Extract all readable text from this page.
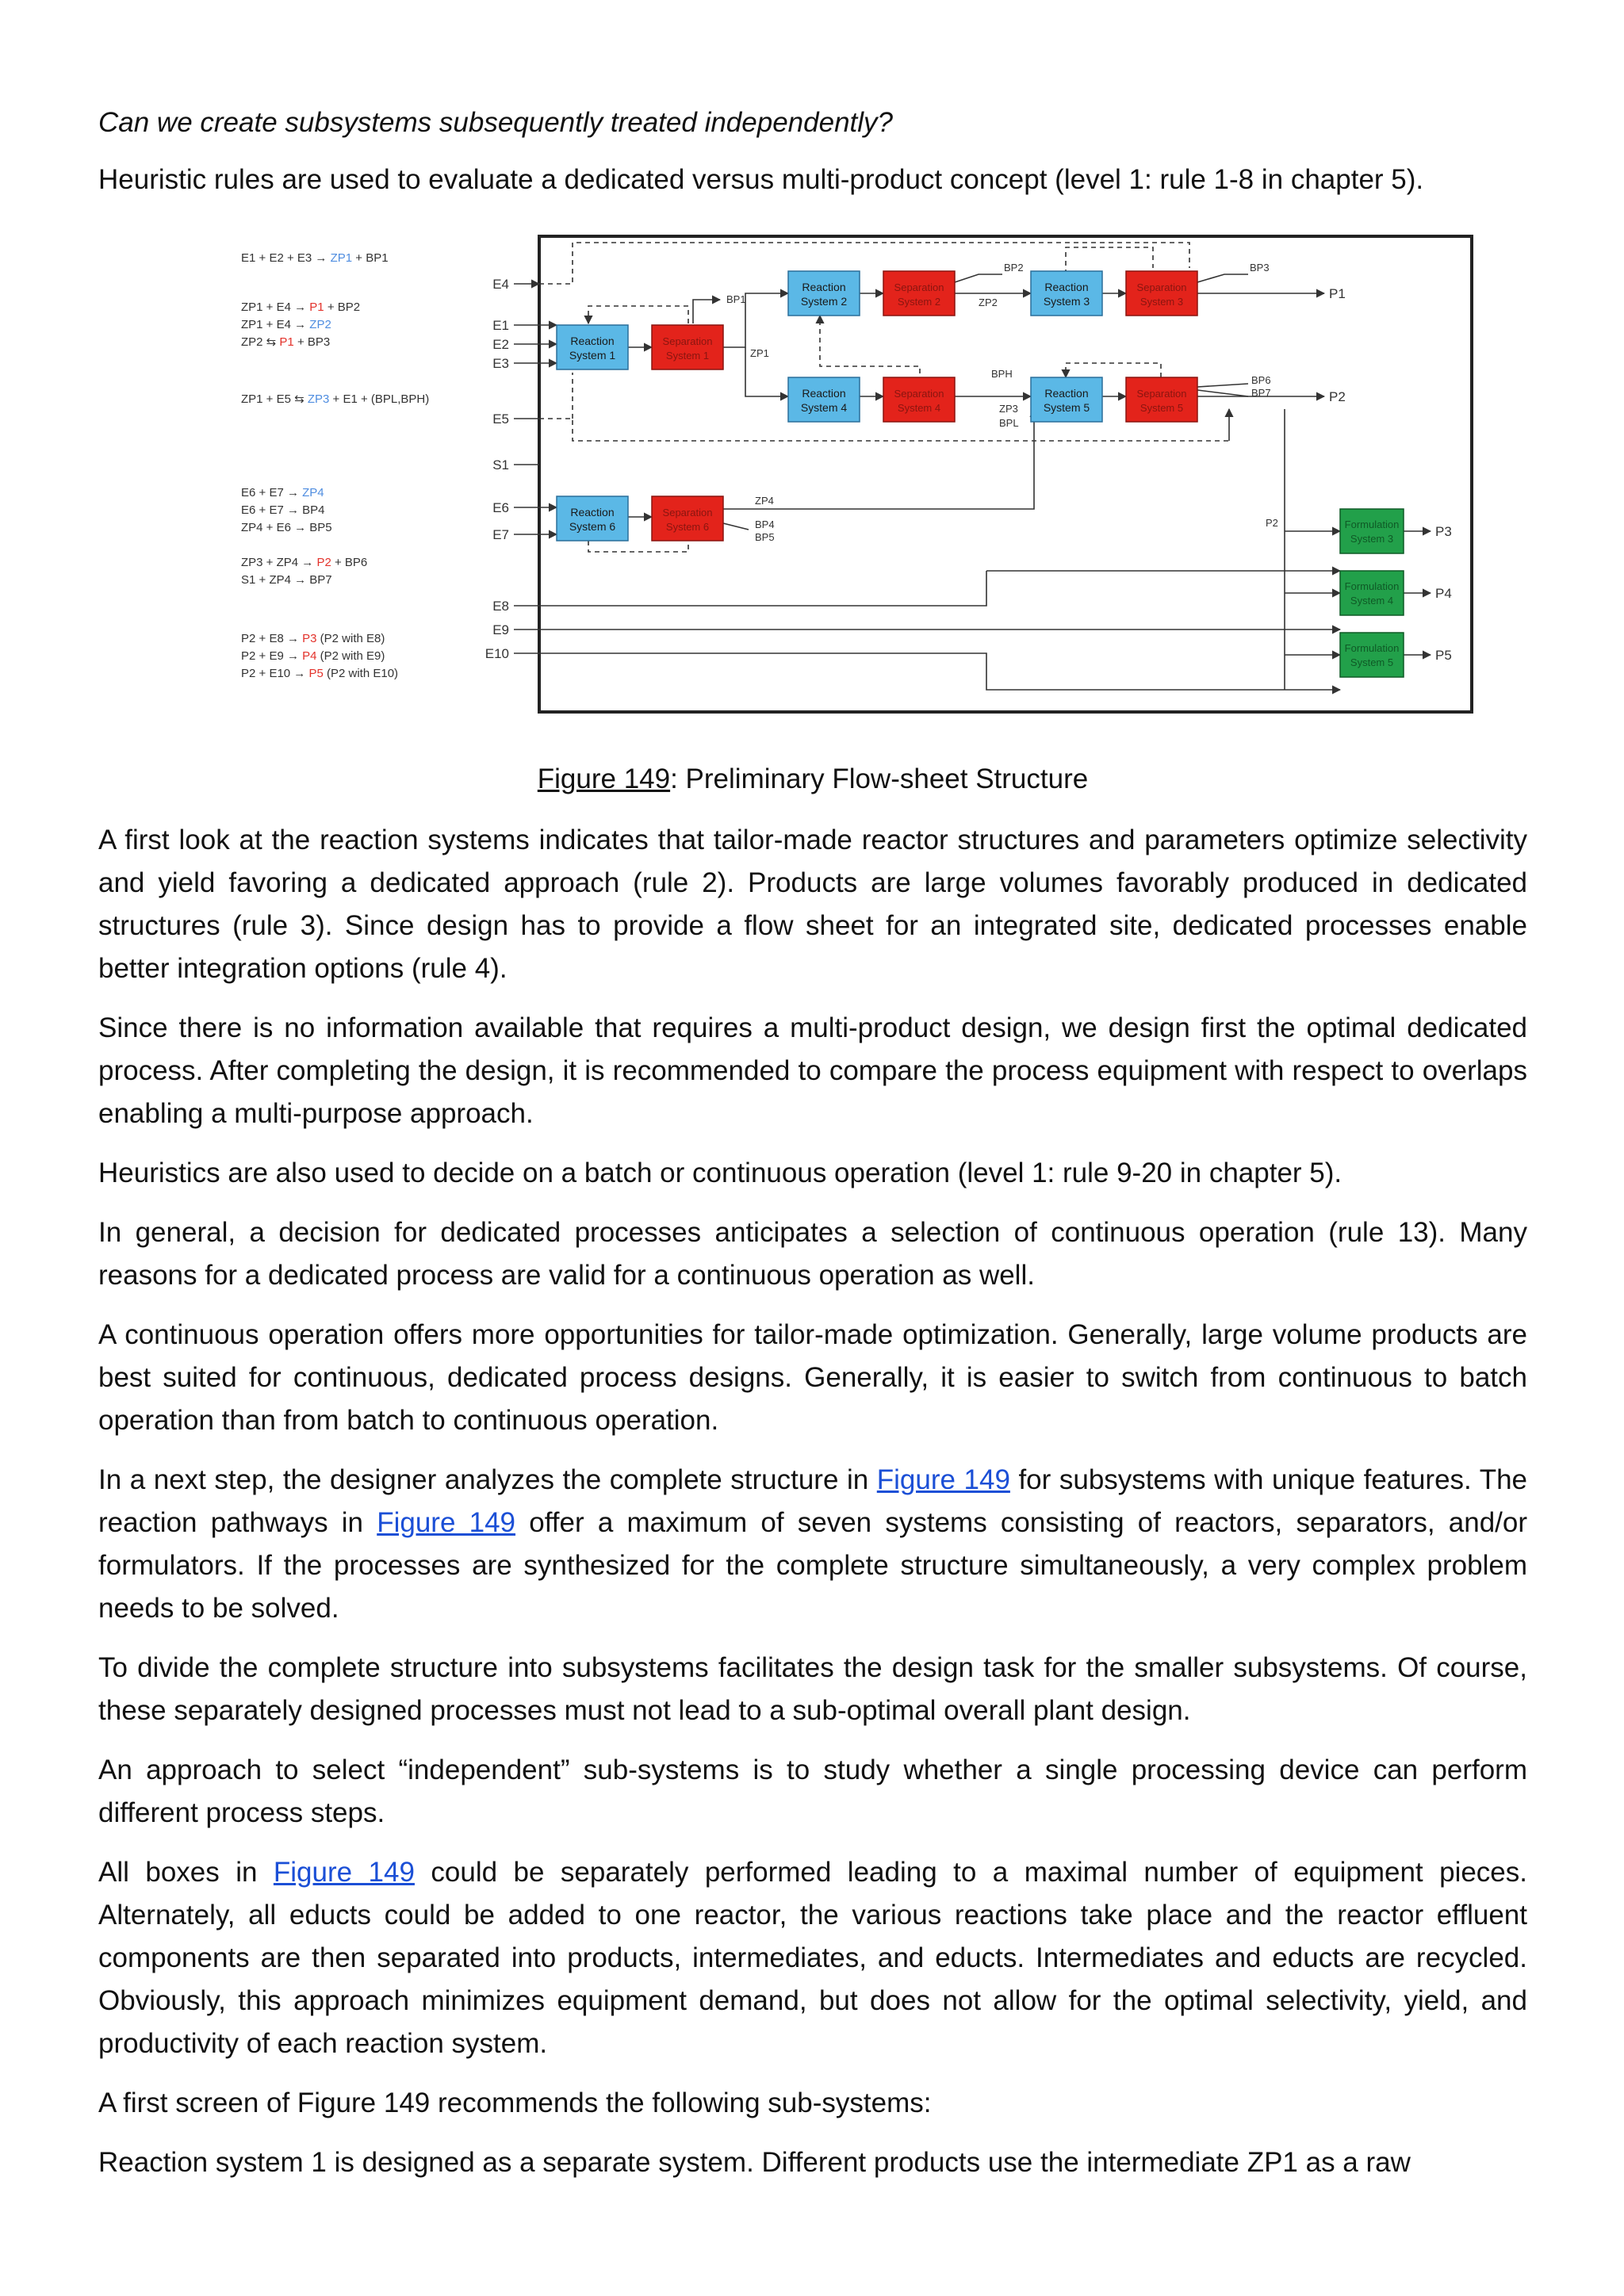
Can we create subsystems subsequently treated independently?
Heuristic rules are used to evaluate a dedicated versus multi-product concept (level 1: rule 1-8 in chapter 5).
E1 + E2 + E3 → ZP1 + BP1
ZP1 + E4 → P1 + BP2
ZP1 + E4 → ZP2
ZP2 ⇆ P1 + BP3
ZP1 + E5 ⇆ ZP3 + E1 + (BPL,BPH)
E6 + E7 → ZP4
E6 + E7 → BP4
ZP4 + E6 → BP5
ZP3 + ZP4 → P2 + BP6
S1 + ZP4 → BP7
P2 + E8 → P3 (P2 with E8)
P2 + E9 → P4 (P2 with E9)
P2 + E10 → P5 (P2 with E10)
E4
E1
E2
E3
E5
S1
E6
E7
E8
E9
E10
Reaction
System 1
Reaction
System 2
Reaction
System 3
Reaction
System 4
Reaction
System 5
Reaction
System 6
Separation
System 1
Separation
System 2
Separation
System 3
Separation
System 4
Separation
System 5
Separation
System 6	Formulation
System 3
Formulation
System 4
Formulation
System 5
BP1
ZP1
BP2
ZP2
BP3
BPH
ZP3
BPL
BP6
BP7
ZP4
BP4
BP5
P2
P1
P2
P3
P4
P5
Figure 149: Preliminary Flow-sheet Structure

A first look at the reaction systems indicates that tailor-made reactor structures and parameters optimize selectivity and yield favoring a dedicated approach (rule 2). Products are large volumes favorably produced in dedicated structures (rule 3). Since design has to provide a flow sheet for an integrated site, dedicated processes enable better integration options (rule 4).

Since there is no information available that requires a multi-product design, we design first the optimal dedicated process. After completing the design, it is recommended to compare the process equipment with respect to overlaps enabling a multi-purpose approach.

Heuristics are also used to decide on a batch or continuous operation (level 1: rule 9-20 in chapter 5).

In general, a decision for dedicated processes anticipates a selection of continuous operation (rule 13). Many reasons for a dedicated process are valid for a continuous operation as well.

A continuous operation offers more opportunities for tailor-made optimization. Generally, large volume products are best suited for continuous, dedicated process designs. Generally, it is easier to switch from continuous to batch operation than from batch to continuous operation.

In a next step, the designer analyzes the complete structure in Figure 149 for subsystems with unique features. The reaction pathways in Figure 149 offer a maximum of seven systems consisting of reactors, separators, and/or formulators. If the processes are synthesized for the complete structure simultaneously, a very complex problem needs to be solved.

To divide the complete structure into subsystems facilitates the design task for the smaller subsystems. Of course, these separately designed processes must not lead to a sub-optimal overall plant design.

An approach to select “independent” sub-systems is to study whether a single processing device can perform different process steps.

All boxes in Figure 149 could be separately performed leading to a maximal number of equipment pieces. Alternately, all educts could be added to one reactor, the various reactions take place and the reactor effluent components are then separated into products, intermediates, and educts. Intermediates and educts are recycled. Obviously, this approach minimizes equipment demand, but does not allow for the optimal selectivity, yield, and productivity of each reaction system.

A first screen of Figure 149 recommends the following sub-systems:

Reaction system 1 is designed as a separate system. Different products use the intermediate ZP1 as a raw
